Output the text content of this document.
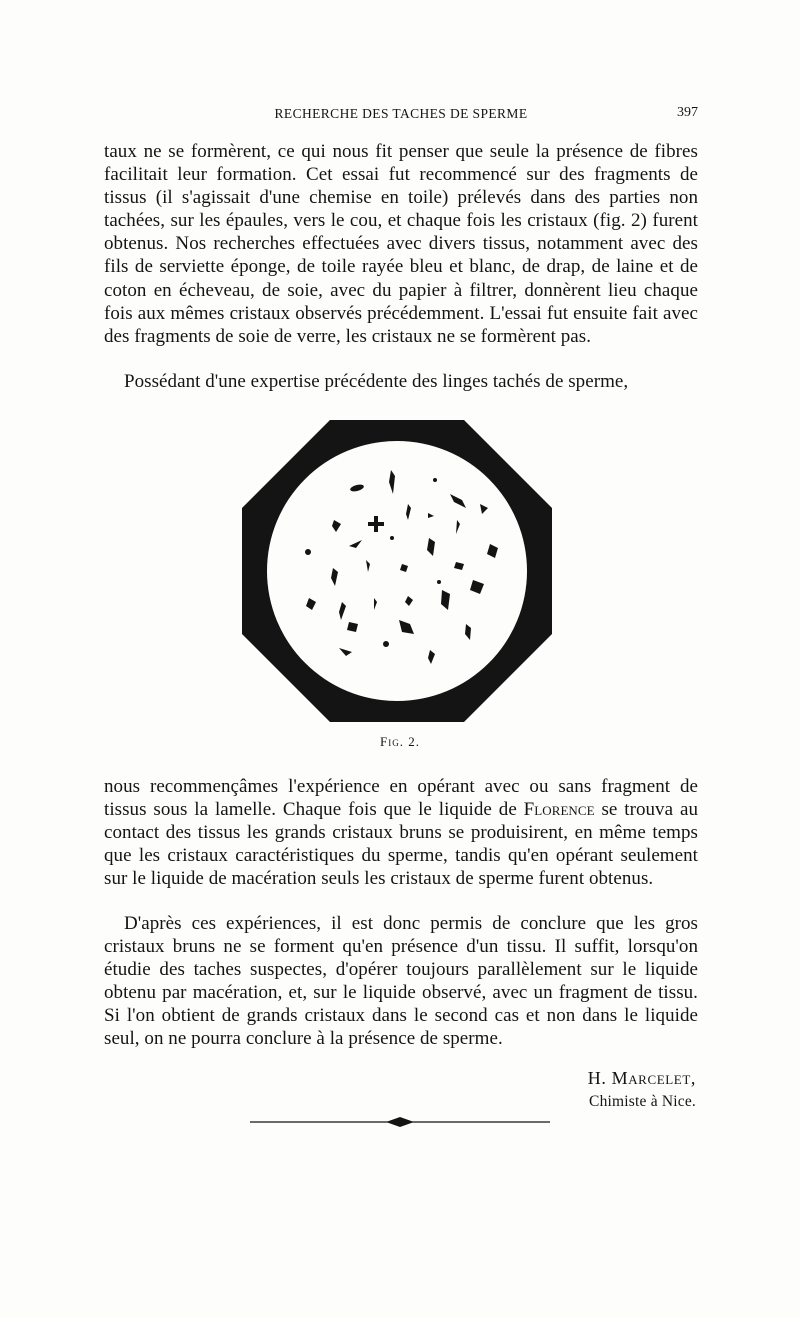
RECHERCHE DES TACHES DE SPERME	397

taux ne se formèrent, ce qui nous fit penser que seule la présence de fibres facilitait leur formation. Cet essai fut recommencé sur des fragments de tissus (il s'agissait d'une chemise en toile) prélevés dans des parties non tachées, sur les épaules, vers le cou, et chaque fois les cristaux (fig. 2) furent obtenus. Nos recherches effectuées avec divers tissus, notamment avec des fils de serviette éponge, de toile rayée bleu et blanc, de drap, de laine et de coton en écheveau, de soie, avec du papier à filtrer, donnèrent lieu chaque fois aux mêmes cristaux observés précédemment. L'essai fut ensuite fait avec des fragments de soie de verre, les cristaux ne se formèrent pas.

Possédant d'une expertise précédente des linges tachés de sperme,

Fig. 2.

nous recommençâmes l'expérience en opérant avec ou sans fragment de tissus sous la lamelle. Chaque fois que le liquide de Florence se trouva au contact des tissus les grands cristaux bruns se produisirent, en même temps que les cristaux caractéristiques du sperme, tandis qu'en opérant seulement sur le liquide de macération seuls les cristaux de sperme furent obtenus.

D'après ces expériences, il est donc permis de conclure que les gros cristaux bruns ne se forment qu'en présence d'un tissu. Il suffit, lorsqu'on étudie des taches suspectes, d'opérer toujours parallèlement sur le liquide obtenu par macération, et, sur le liquide observé, avec un fragment de tissu. Si l'on obtient de grands cristaux dans le second cas et non dans le liquide seul, on ne pourra conclure à la présence de sperme.

H. Marcelet,
Chimiste à Nice.
